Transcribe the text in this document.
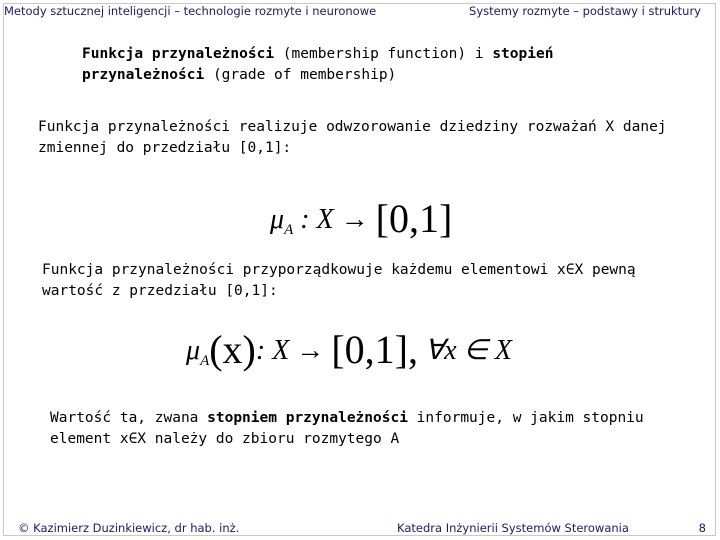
Metody sztucznej inteligencji – technologie rozmyte i neuronowe	Systemy rozmyte – podstawy i struktury
Funkcja przynależności (membership function) i stopień
przynależności (grade of membership)
Funkcja przynależności realizuje odwzorowanie dziedziny rozważań X danej
zmiennej do przedziału [0,1]:
$\mu_A$ : X → [0,1]
Funkcja przynależności przyporządkowuje każdemu elementowi x∈X pewną
wartość z przedziału [0,1]:
$\mu_A(x)$: X → [0,1], ∀x ∈ X
Wartość ta, zwana stopniem przynależności informuje, w jakim stopniu
element x∈X należy do zbioru rozmytego A
© Kazimierz Duzinkiewicz, dr hab. inż.	Katedra Inżynierii Systemów Sterowania	8
